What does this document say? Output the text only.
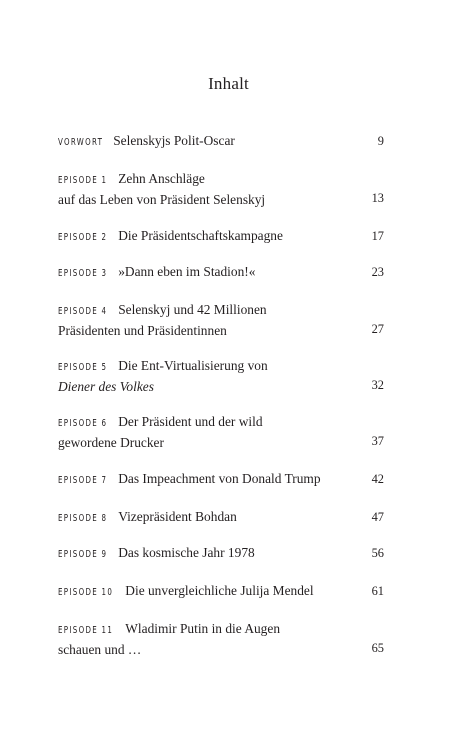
Inhalt
VORWORT Selenskyjs Polit-Oscar	9
EPISODE 1 Zehn Anschläge
auf das Leben von Präsident Selenskyj	13
EPISODE 2 Die Präsidentschaftskampagne	17
EPISODE 3 »Dann eben im Stadion!«	23
EPISODE 4 Selenskyj und 42 Millionen
Präsidenten und Präsidentinnen	27
EPISODE 5 Die Ent-Virtualisierung von
Diener des Volkes	32
EPISODE 6 Der Präsident und der wild
gewordene Drucker	37
EPISODE 7 Das Impeachment von Donald Trump	42
EPISODE 8 Vizepräsident Bohdan	47
EPISODE 9 Das kosmische Jahr 1978	56
EPISODE 10 Die unvergleichliche Julija Mendel	61
EPISODE 11 Wladimir Putin in die Augen
schauen und …	65
